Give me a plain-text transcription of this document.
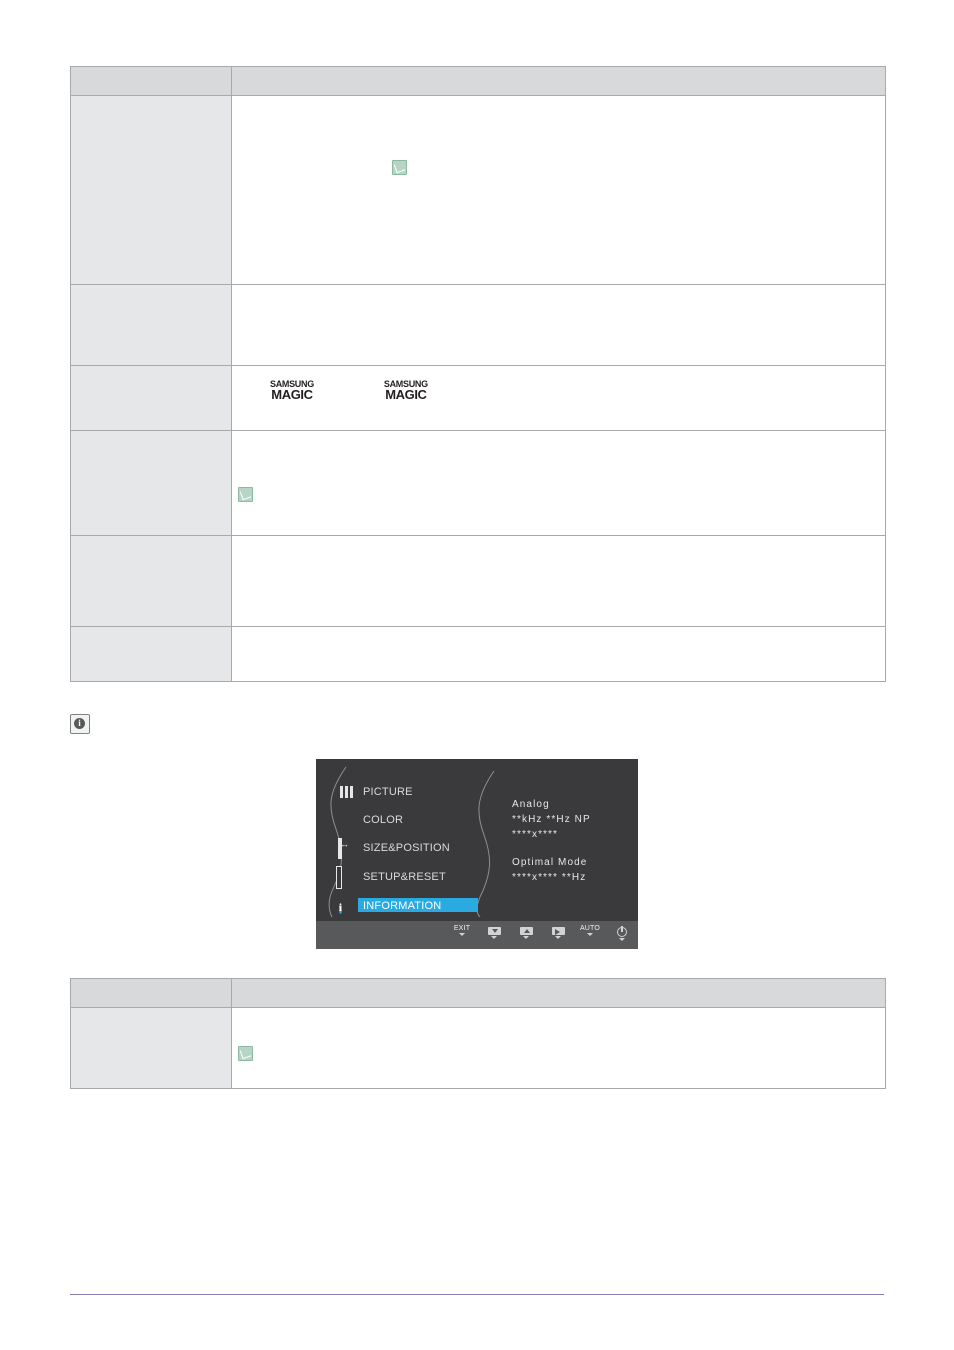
	SAMSUNG
MAGIC
SAMSUNG
MAGIC

i
PICTURE
COLOR
↔
SIZE&POSITION
SETUP&RESET
i	INFORMATION
Analog
**kHz **Hz NP
****x****
Optimal Mode
****x**** **Hz
EXIT	AUTO
